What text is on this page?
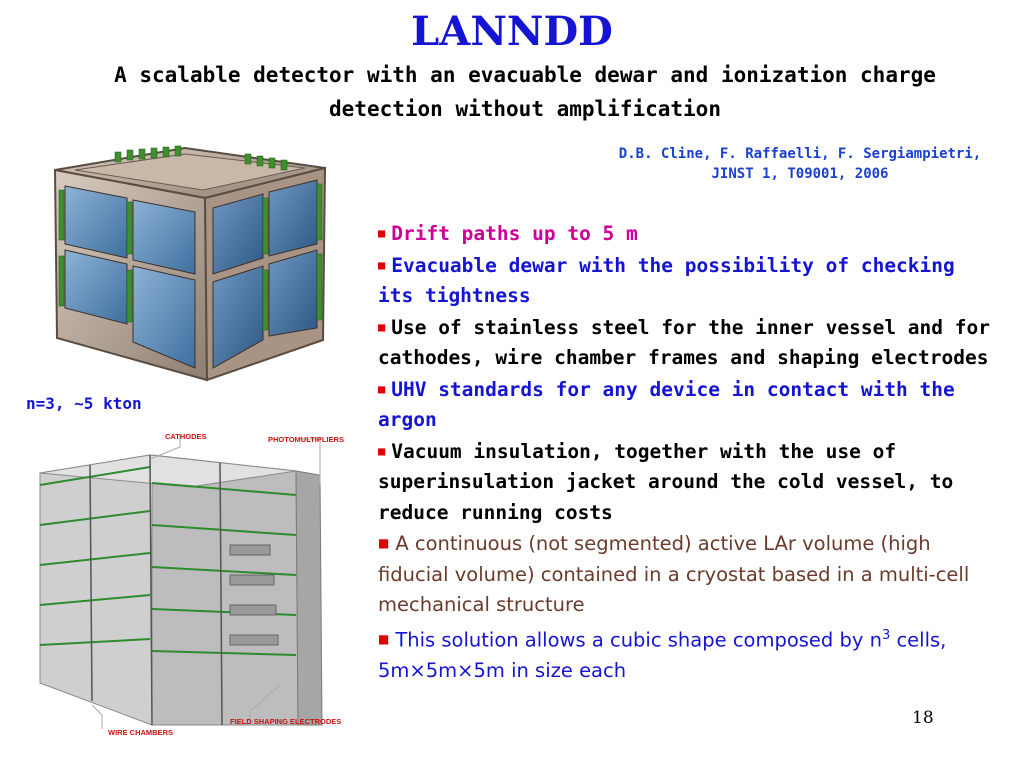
LANNDD
A scalable detector with an evacuable dewar and ionization charge detection without amplification
D.B. Cline, F. Raffaelli, F. Sergiampietri,
JINST 1, T09001, 2006
n=3, ~5 kton
CATHODES	PHOTOMULTIPLIERS
WIRE CHAMBERS
FIELD SHAPING ELECTRODES
■ Drift paths up to 5 m
■ Evacuable dewar with the possibility of checking its tightness
■ Use of stainless steel for the inner vessel and for cathodes, wire chamber frames and shaping electrodes
■ UHV standards for any device in contact with the argon
■ Vacuum insulation, together with the use of superinsulation jacket around the cold vessel, to reduce running costs
■ A continuous (not segmented) active LAr volume (high fiducial volume) contained in a cryostat based in a multi-cell mechanical structure
■ This solution allows a cubic shape composed by $n^3$ cells, 5m×5m×5m in size each
18
